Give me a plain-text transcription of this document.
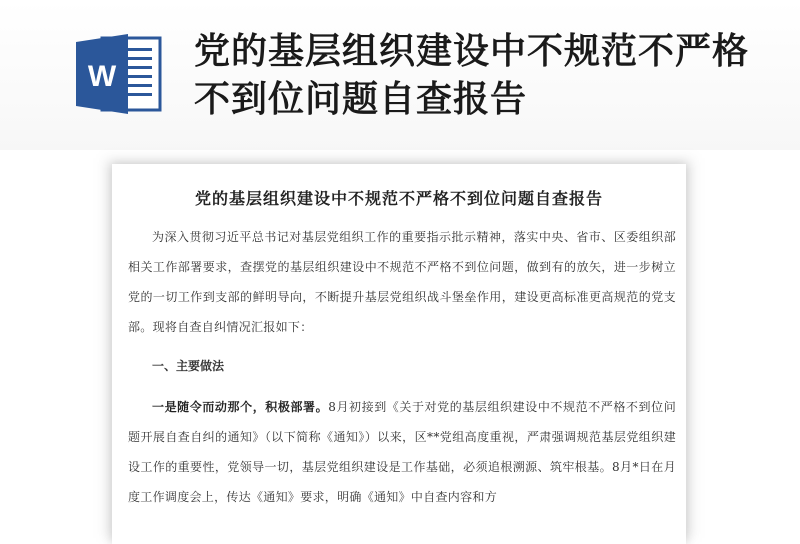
W
党的基层组织建设中不规范不严格不到位问题自查报告
党的基层组织建设中不规范不严格不到位问题自查报告
为深入贯彻习近平总书记对基层党组织工作的重要指示批示精神，落实中央、省市、区委组织部相关工作部署要求，查摆党的基层组织建设中不规范不严格不到位问题，做到有的放矢，进一步树立党的一切工作到支部的鲜明导向，不断提升基层党组织战斗堡垒作用，建设更高标准更高规范的党支部。现将自查自纠情况汇报如下：
一、主要做法
一是随令而动那个，积极部署。8月初接到《关于对党的基层组织建设中不规范不严格不到位问题开展自查自纠的通知》（以下简称《通知》）以来，区**党组高度重视，严肃强调规范基层党组织建设工作的重要性，党领导一切，基层党组织建设是工作基础，必须追根溯源、筑牢根基。8月*日在月度工作调度会上，传达《通知》要求，明确《通知》中自查内容和方
